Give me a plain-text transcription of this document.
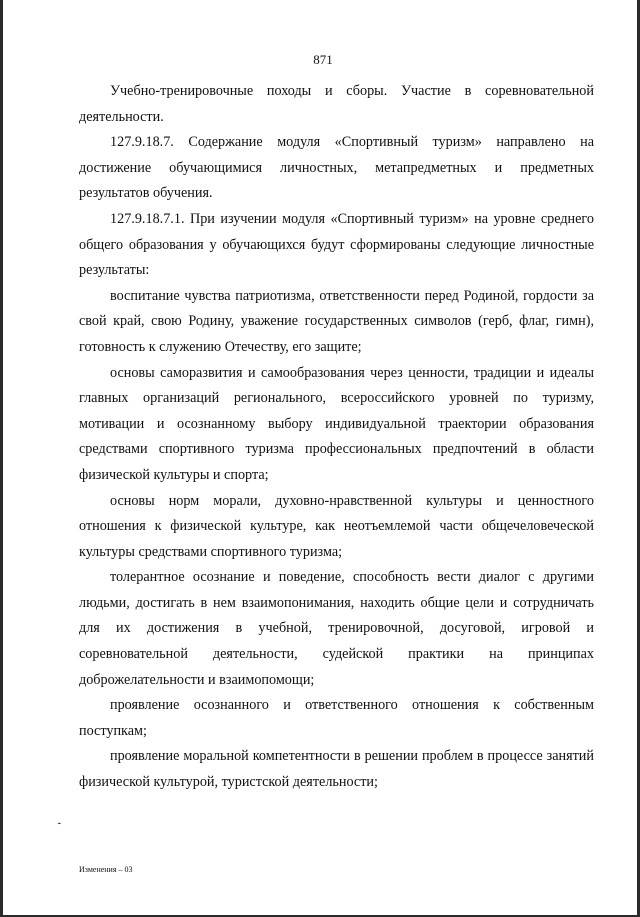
871

Учебно-тренировочные походы и сборы. Участие в соревновательной деятельности.

127.9.18.7. Содержание модуля «Спортивный туризм» направлено на достижение обучающимися личностных, метапредметных и предметных результатов обучения.

127.9.18.7.1. При изучении модуля «Спортивный туризм» на уровне среднего общего образования у обучающихся будут сформированы следующие личностные результаты:

воспитание чувства патриотизма, ответственности перед Родиной, гордости за свой край, свою Родину, уважение государственных символов (герб, флаг, гимн), готовность к служению Отечеству, его защите;

основы саморазвития и самообразования через ценности, традиции и идеалы главных организаций регионального, всероссийского уровней по туризму, мотивации и осознанному выбору индивидуальной траектории образования средствами спортивного туризма профессиональных предпочтений в области физической культуры и спорта;

основы норм морали, духовно-нравственной культуры и ценностного отношения к физической культуре, как неотъемлемой части общечеловеческой культуры средствами спортивного туризма;

толерантное осознание и поведение, способность вести диалог с другими людьми, достигать в нем взаимопонимания, находить общие цели и сотрудничать для их достижения в учебной, тренировочной, досуговой, игровой и соревновательной деятельности, судейской практики на принципах доброжелательности и взаимопомощи;

проявление осознанного и ответственного отношения к собственным поступкам;

проявление моральной компетентности в решении проблем в процессе занятий физической культурой, туристской деятельности;

ˏ
Изменения – 03
